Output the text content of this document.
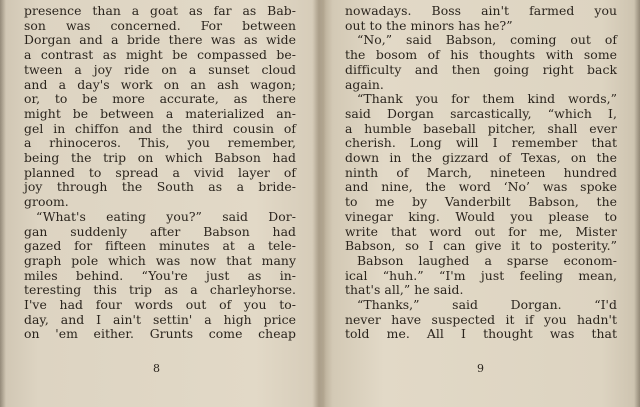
presence than a goat as far as Bab-
son was concerned. For between
Dorgan and a bride there was as wide
a contrast as might be compassed be-
tween a joy ride on a sunset cloud
and a day's work on an ash wagon;
or, to be more accurate, as there
might be between a materialized an-
gel in chiffon and the third cousin of
a rhinoceros. This, you remember,
being the trip on which Babson had
planned to spread a vivid layer of
joy through the South as a bride-
groom.
“What's eating you?” said Dor-
gan suddenly after Babson had
gazed for fifteen minutes at a tele-
graph pole which was now that many
miles behind. “You're just as in-
teresting this trip as a charleyhorse.
I've had four words out of you to-
day, and I ain't settin' a high price
on 'em either. Grunts come cheap
8
nowadays. Boss ain't farmed you
out to the minors has he?”
“No,” said Babson, coming out of
the bosom of his thoughts with some
difficulty and then going right back
again.
“Thank you for them kind words,”
said Dorgan sarcastically, “which I,
a humble baseball pitcher, shall ever
cherish. Long will I remember that
down in the gizzard of Texas, on the
ninth of March, nineteen hundred
and nine, the word ‘No’ was spoke
to me by Vanderbilt Babson, the
vinegar king. Would you please to
write that word out for me, Mister
Babson, so I can give it to posterity.”
Babson laughed a sparse econom-
ical “huh.” “I'm just feeling mean,
that's all,” he said.
“Thanks,” said Dorgan. “I'd
never have suspected it if you hadn't
told me. All I thought was that
9
